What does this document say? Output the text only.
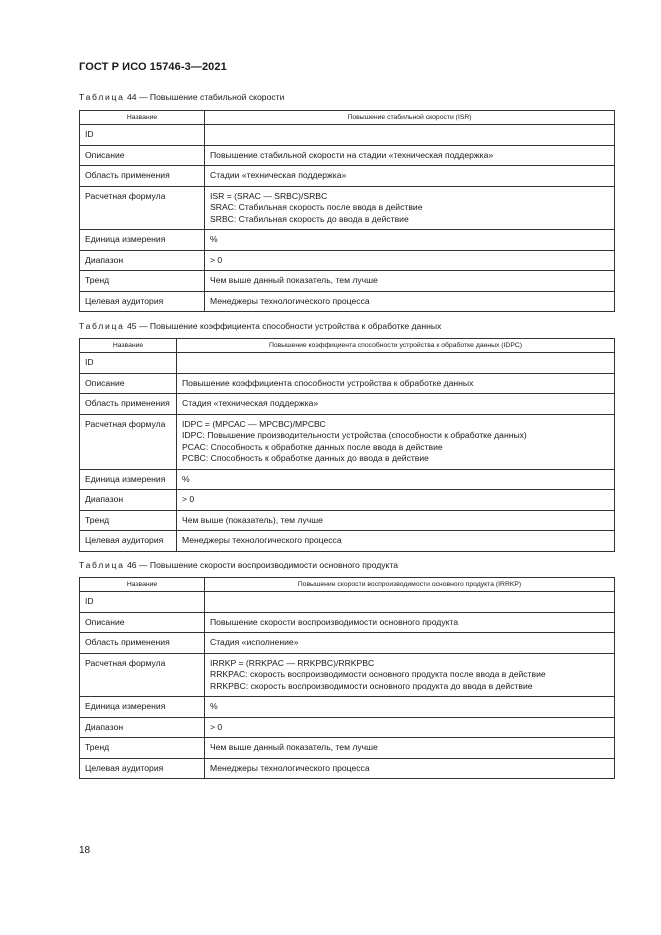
ГОСТ Р ИСО 15746-3—2021
Таблица 44 — Повышение стабильной скорости
Название	Повышение стабильной скорости (ISR)
ID	

Описание	Повышение стабильной скорости на стадии «техническая поддержка»

Область применения	Стадии «техническая поддержка»

Расчетная формула	ISR = (SRAC — SRBC)/SRBC
SRAC: Стабильная скорость после ввода в действие
SRBC: Стабильная скорость до ввода в действие

Единица измерения	%

Диапазон	> 0

Тренд	Чем выше данный показатель, тем лучше

Целевая аудитория	Менеджеры технологического процесса
Таблица 45 — Повышение коэффициента способности устройства к обработке данных
Название	Повышение коэффициента способности устройства к обработке данных (IDPC)
ID	

Описание	Повышение коэффициента способности устройства к обработке данных

Область применения	Стадия «техническая поддержка»

Расчетная формула	IDPC = (МРСАС — МРСВС)/МРСВС
IDPC: Повышение производительности устройства (способности к обработке данных)
PCAC: Способность к обработке данных после ввода в действие
PCBC: Способность к обработке данных до ввода в действие

Единица измерения	%

Диапазон	> 0

Тренд	Чем выше (показатель), тем лучше

Целевая аудитория	Менеджеры технологического процесса
Таблица 46 — Повышение скорости воспроизводимости основного продукта
Название	Повышение скорости воспроизводимости основного продукта (IRRKP)
ID	

Описание	Повышение скорости воспроизводимости основного продукта

Область применения	Стадия «исполнение»

Расчетная формула	IRRKP = (RRKPAC — RRKPBC)/RRKPBC
RRKPAC: скорость воспроизводимости основного продукта после ввода в действие
RRKPBC: скорость воспроизводимости основного продукта до ввода в действие

Единица измерения	%

Диапазон	> 0

Тренд	Чем выше данный показатель, тем лучше

Целевая аудитория	Менеджеры технологического процесса
18
